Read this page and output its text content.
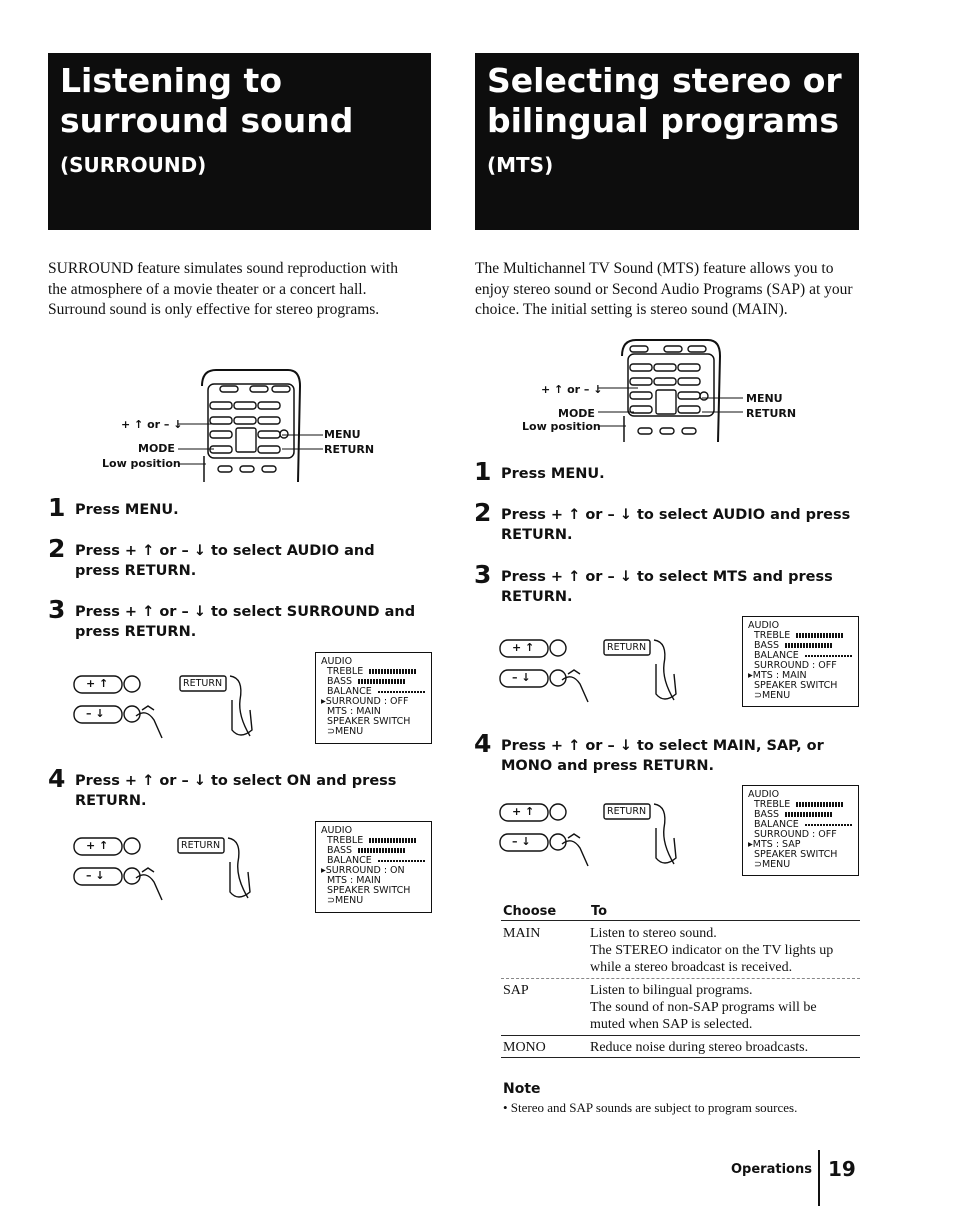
Listening to
surround sound
(SURROUND)
SURROUND feature simulates sound reproduction with the atmosphere of a movie theater or a concert hall. Surround sound is only effective for stereo programs.
+ ↑ or – ↓
MODE
Low position
MENU
RETURN
1 Press MENU.
2 Press + ↑ or – ↓ to select AUDIO and press RETURN.
3 Press + ↑ or – ↓ to select SURROUND and press RETURN.
+ ↑
– ↓
RETURN
AUDIO
TREBLE
BASS
BALANCE
▸SURROUND : OFF
MTS : MAIN
SPEAKER SWITCH
⊃MENU
4 Press + ↑ or – ↓ to select ON and press RETURN.
+ ↑
– ↓
RETURN
AUDIO
TREBLE
BASS
BALANCE
▸SURROUND : ON
MTS : MAIN
SPEAKER SWITCH
⊃MENU
Selecting stereo or
bilingual programs
(MTS)
The Multichannel TV Sound (MTS) feature allows you to enjoy stereo sound or Second Audio Programs (SAP) at your choice. The initial setting is stereo sound (MAIN).
+ ↑ or – ↓
MODE
Low position
MENU
RETURN
1 Press MENU.
2 Press + ↑ or – ↓ to select AUDIO and press RETURN.
3 Press + ↑ or – ↓ to select MTS and press RETURN.
+ ↑
– ↓
RETURN
AUDIO
TREBLE
BASS
BALANCE
SURROUND : OFF
▸MTS : MAIN
SPEAKER SWITCH
⊃MENU
4 Press + ↑ or – ↓ to select MAIN, SAP, or MONO and press RETURN.
+ ↑
– ↓
RETURN
AUDIO
TREBLE
BASS
BALANCE
SURROUND : OFF
▸MTS : SAP
SPEAKER SWITCH
⊃MENU
Choose	To
MAIN	Listen to stereo sound.
The STEREO indicator on the TV lights up
while a stereo broadcast is received.
SAP	Listen to bilingual programs.
The sound of non-SAP programs will be
muted when SAP is selected.
MONO	Reduce noise during stereo broadcasts.
Note
• Stereo and SAP sounds are subject to program sources.
Operations 19
